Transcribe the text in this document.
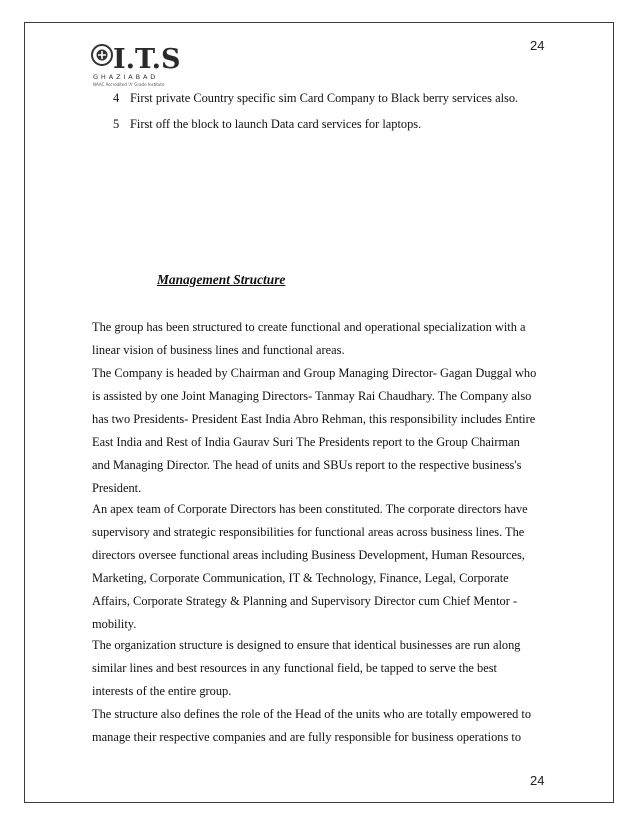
24
I.T.S
GHAZIABAD
NAAC Accredited 'A' Grade Institute
4 First private Country specific sim Card Company to Black berry services also.
5 First off the block to launch Data card services for laptops.
Management Structure

The group has been structured to create functional and operational specialization with a
linear vision of business lines and functional areas.

The Company is headed by Chairman and Group Managing Director- Gagan Duggal who
is assisted by one Joint Managing Directors- Tanmay Rai Chaudhary. The Company also
has two Presidents- President East India Abro Rehman, this responsibility includes Entire
East India and Rest of India Gaurav Suri The Presidents report to the Group Chairman
and Managing Director. The head of units and SBUs report to the respective business's
President.

An apex team of Corporate Directors has been constituted. The corporate directors have
supervisory and strategic responsibilities for functional areas across business lines. The
directors oversee functional areas including Business Development, Human Resources,
Marketing, Corporate Communication, IT & Technology, Finance, Legal, Corporate
Affairs, Corporate Strategy & Planning and Supervisory Director cum Chief Mentor -
mobility.

The organization structure is designed to ensure that identical businesses are run along
similar lines and best resources in any functional field, be tapped to serve the best
interests of the entire group.

The structure also defines the role of the Head of the units who are totally empowered to
manage their respective companies and are fully responsible for business operations to

24
